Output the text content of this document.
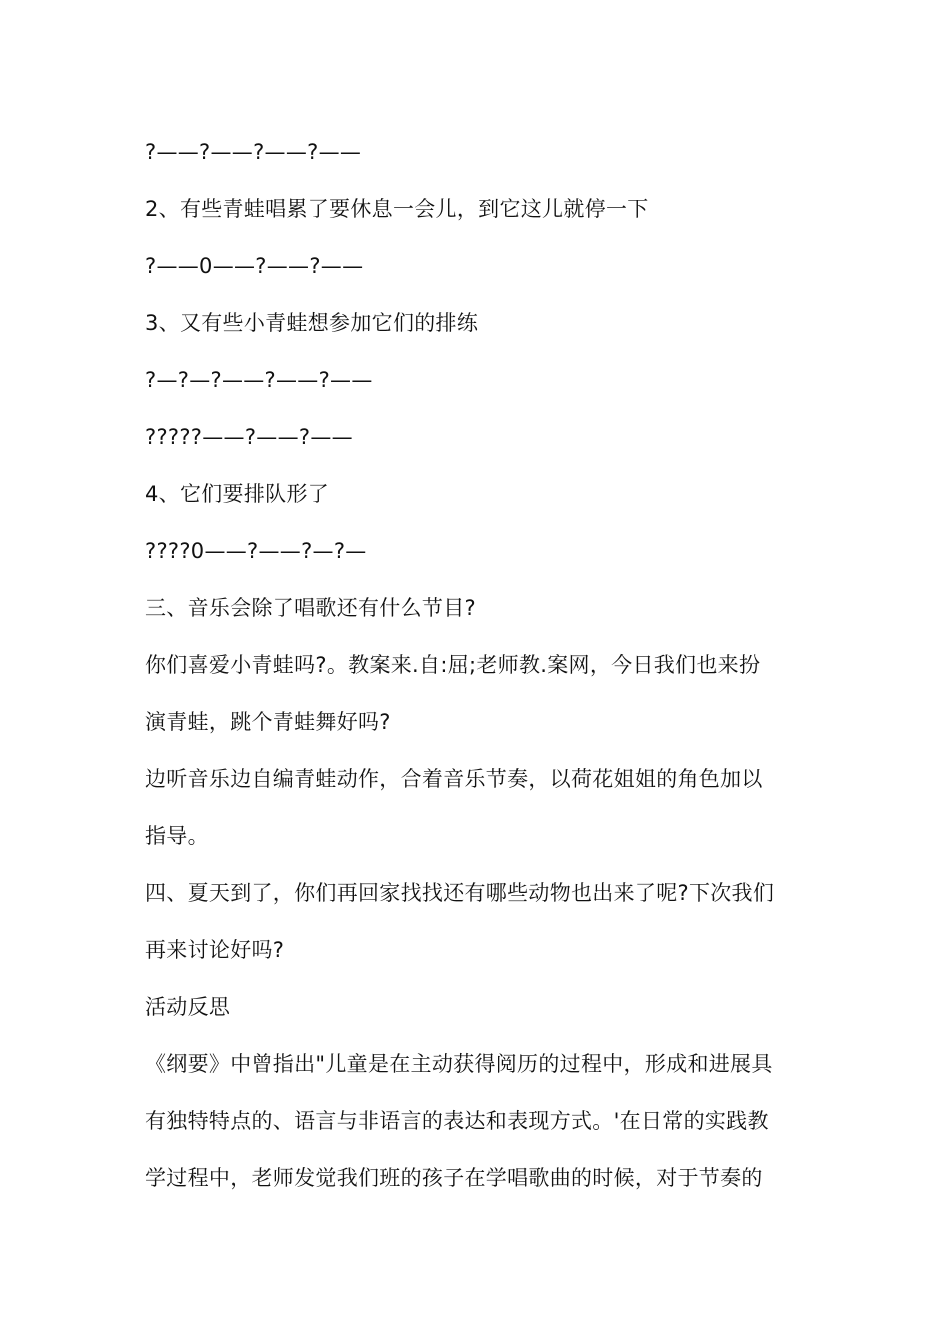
?——?——?——?——
2、有些青蛙唱累了要休息一会儿，到它这儿就停一下
?——0——?——?——
3、又有些小青蛙想参加它们的排练
?—?—?——?——?——
?????——?——?——
4、它们要排队形了
????0——?——?—?—
三、音乐会除了唱歌还有什么节目?
你们喜爱小青蛙吗?。教案来.自:屈;老师教.案网，今日我们也来扮
演青蛙，跳个青蛙舞好吗?
边听音乐边自编青蛙动作，合着音乐节奏，以荷花姐姐的角色加以
指导。
四、夏天到了，你们再回家找找还有哪些动物也出来了呢?下次我们
再来讨论好吗?
活动反思
《纲要》中曾指出"儿童是在主动获得阅历的过程中，形成和进展具
有独特特点的、语言与非语言的表达和表现方式。'在日常的实践教
学过程中，老师发觉我们班的孩子在学唱歌曲的时候，对于节奏的
